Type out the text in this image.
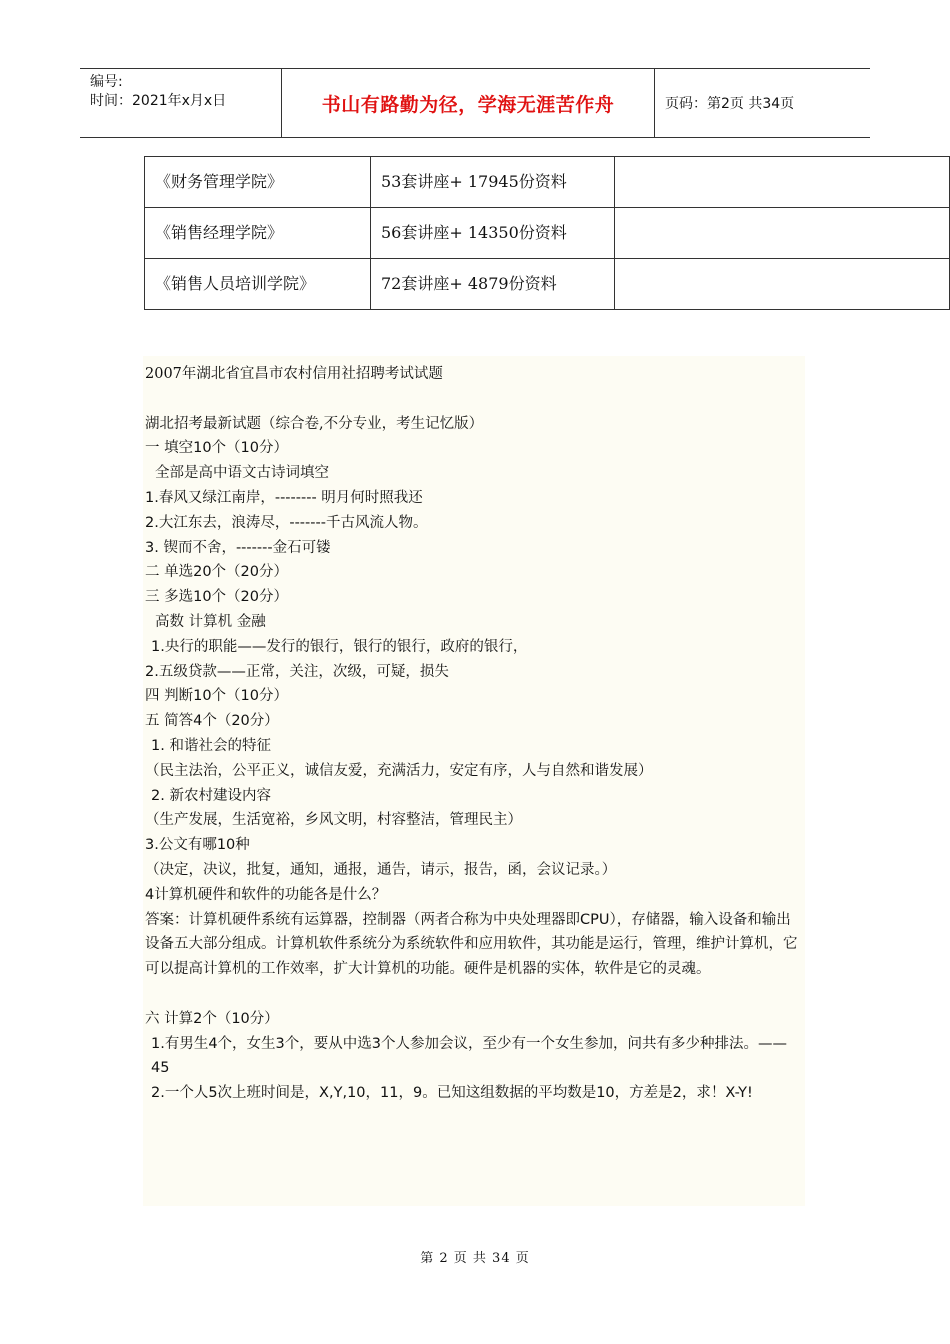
编号:
时间：2021年x月x日	书山有路勤为径，学海无涯苦作舟	页码：第2页 共34页
《财务管理学院》	53套讲座+ 17945份资料	
《销售经理学院》	56套讲座+ 14350份资料	
《销售人员培训学院》	72套讲座+ 4879份资料	

2007年湖北省宜昌市农村信用社招聘考试试题

湖北招考最新试题（综合卷,不分专业，考生记忆版）

一 填空10个（10分）

全部是高中语文古诗词填空

1.春风又绿江南岸，-------- 明月何时照我还

2.大江东去，浪涛尽，-------千古风流人物。

3. 锲而不舍，-------金石可镂

二 单选20个（20分）

三 多选10个（20分）

高数 计算机 金融

1.央行的职能——发行的银行，银行的银行，政府的银行，

2.五级贷款——正常，关注，次级，可疑，损失

四 判断10个（10分）

五 简答4个（20分）

1. 和谐社会的特征

（民主法治，公平正义，诚信友爱，充满活力，安定有序，人与自然和谐发展）

2. 新农村建设内容

（生产发展，生活宽裕，乡风文明，村容整洁，管理民主）

3.公文有哪10种

（决定，决议，批复，通知，通报，通告，请示，报告，函，会议记录。）

4计算机硬件和软件的功能各是什么？

答案：计算机硬件系统有运算器，控制器（两者合称为中央处理器即CPU），存储器，输入设备和输出设备五大部分组成。计算机软件系统分为系统软件和应用软件，其功能是运行，管理，维护计算机，它可以提高计算机的工作效率，扩大计算机的功能。硬件是机器的实体，软件是它的灵魂。

六 计算2个（10分）

1.有男生4个，女生3个，要从中选3个人参加会议，至少有一个女生参加，问共有多少种排法。——45

2.一个人5次上班时间是，X,Y,10，11，9。已知这组数据的平均数是10，方差是2，求！X-Y!

第 2 页 共 34 页
